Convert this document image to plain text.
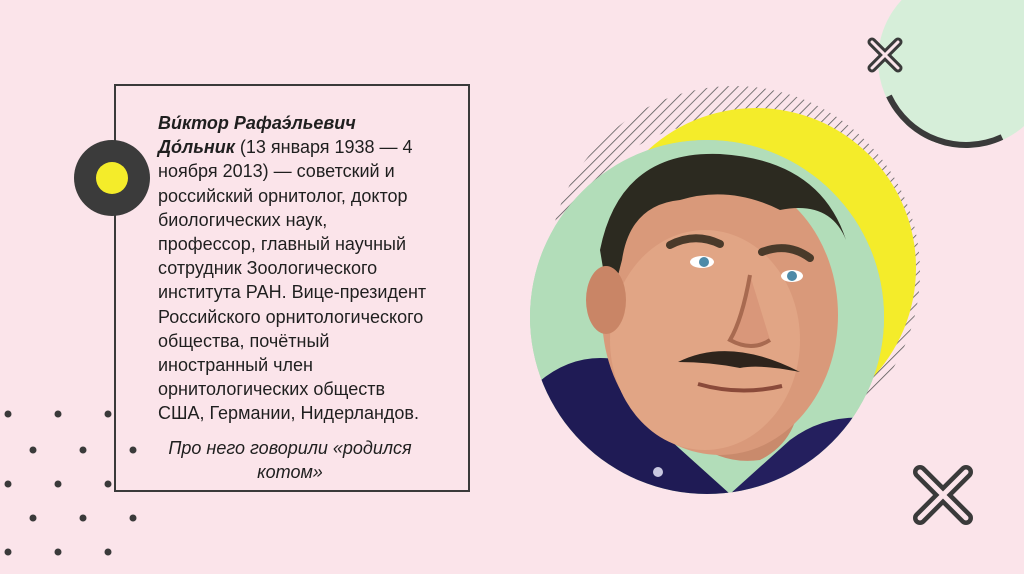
Ви́ктор Рафаэ́льевич
До́льник (13 января 1938 — 4 ноября 2013) — советский и российский орнитолог, доктор биологических наук, профессор, главный научный сотрудник Зоологического института РАН. Вице-президент Российского орнитологического общества, почётный иностранный член орнитологических обществ США, Германии, Нидерландов.
Про него говорили «родился котом»
